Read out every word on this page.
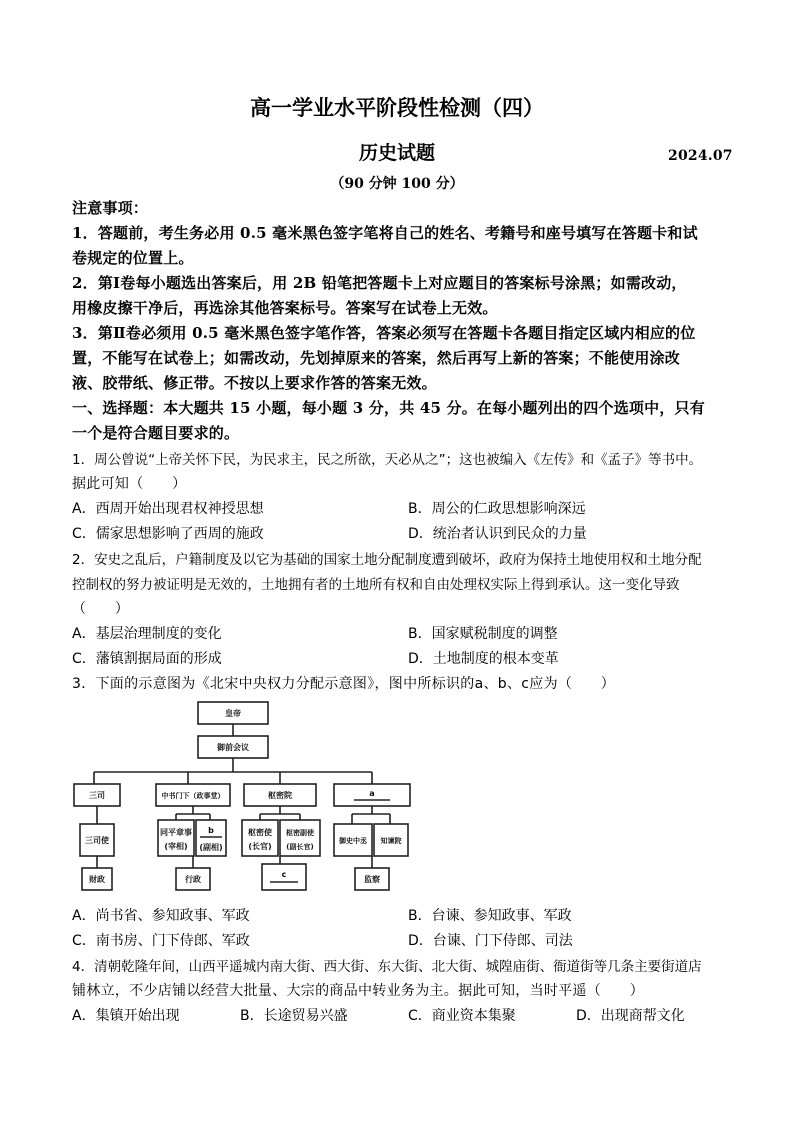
高一学业水平阶段性检测（四）
历史试题	2024.07
（90 分钟 100 分）
注意事项：
1．答题前，考生务必用 0.5 毫米黑色签字笔将自己的姓名、考籍号和座号填写在答题卡和试
卷规定的位置上。
2．第Ⅰ卷每小题选出答案后，用 2B 铅笔把答题卡上对应题目的答案标号涂黑；如需改动，
用橡皮擦干净后，再选涂其他答案标号。答案写在试卷上无效。
3．第Ⅱ卷必须用 0.5 毫米黑色签字笔作答，答案必须写在答题卡各题目指定区域内相应的位
置，不能写在试卷上；如需改动，先划掉原来的答案，然后再写上新的答案；不能使用涂改
液、胶带纸、修正带。不按以上要求作答的答案无效。
一、选择题：本大题共 15 小题，每小题 3 分，共 45 分。在每小题列出的四个选项中，只有
一个是符合题目要求的。
1．周公曾说“上帝关怀下民，为民求主，民之所欲，天必从之”；这也被编入《左传》和《孟子》等书中。
据此可知（　　）
A．西周开始出现君权神授思想	B．周公的仁政思想影响深远
C．儒家思想影响了西周的施政	D．统治者认识到民众的力量
2．安史之乱后，户籍制度及以它为基础的国家土地分配制度遭到破坏，政府为保持土地使用权和土地分配
控制权的努力被证明是无效的，土地拥有者的土地所有权和自由处理权实际上得到承认。这一变化导致
（　　）
A．基层治理制度的变化	B．国家赋税制度的调整
C．藩镇割据局面的形成	D．土地制度的根本变革
3．下面的示意图为《北宋中央权力分配示意图》，图中所标识的a、b、c应为（　　）
皇帝
御前会议
三司
三司使
财政
中书门下（政事堂）
同平章事
(宰相)
b
(副相)
行政
枢密院
枢密使
(长官)
枢密副使
(副长官)
c
a
御史中丞 知谏院
监察
A．尚书省、参知政事、军政	B．台谏、参知政事、军政
C．南书房、门下侍郎、军政	D．台谏、门下侍郎、司法
4．清朝乾隆年间，山西平遥城内南大街、西大街、东大街、北大街、城隍庙街、衙道街等几条主要街道店
铺林立，不少店铺以经营大批量、大宗的商品中转业务为主。据此可知，当时平遥（　　）
A．集镇开始出现	B．长途贸易兴盛	C．商业资本集聚	D．出现商帮文化
